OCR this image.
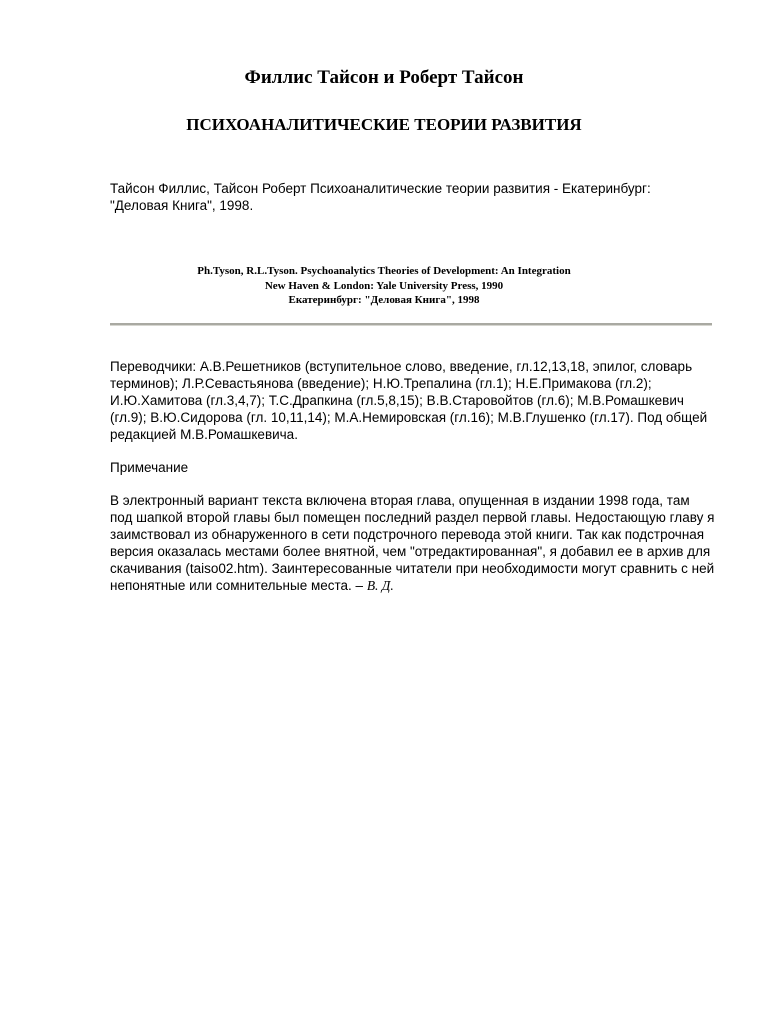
Филлис Тайсон и Роберт Тайсон
ПСИХОАНАЛИТИЧЕСКИЕ ТЕОРИИ РАЗВИТИЯ
Тайсон Филлис, Тайсон Роберт Психоаналитические теории развития - Екатеринбург: "Деловая Книга", 1998.
Ph.Tyson, R.L.Tyson. Psychoanalytics Theories of Development: An Integration
New Haven & London: Yale University Press, 1990
Екатеринбург: "Деловая Книга", 1998
Переводчики: А.В.Решетников (вступительное слово, введение, гл.12,13,18, эпилог, словарь терминов); Л.Р.Севастьянова (введение); Н.Ю.Трепалина (гл.1); Н.Е.Примакова (гл.2); И.Ю.Хамитова (гл.3,4,7); Т.С.Драпкина (гл.5,8,15); В.В.Старовойтов (гл.6); М.В.Ромашкевич (гл.9); В.Ю.Сидорова (гл. 10,11,14); М.А.Немировская (гл.16); М.В.Глушенко (гл.17). Под общей редакцией М.В.Ромашкевича.
Примечание
В электронный вариант текста включена вторая глава, опущенная в издании 1998 года, там под шапкой второй главы был помещен последний раздел первой главы. Недостающую главу я заимствовал из обнаруженного в сети подстрочного перевода этой книги. Так как подстрочная версия оказалась местами более внятной, чем "отредактированная", я добавил ее в архив для скачивания (taiso02.htm). Заинтересованные читатели при необходимости могут сравнить с ней непонятные или сомнительные места. – В. Д.
